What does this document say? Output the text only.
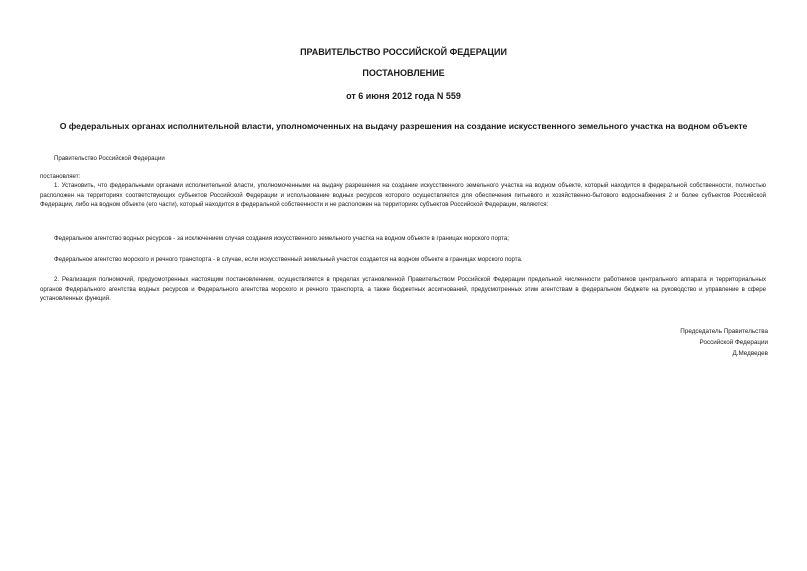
ПРАВИТЕЛЬСТВО РОССИЙСКОЙ ФЕДЕРАЦИИ
ПОСТАНОВЛЕНИЕ
от 6 июня 2012 года N 559
О федеральных органах исполнительной власти, уполномоченных на выдачу разрешения на создание искусственного земельного участка на водном объекте
Правительство Российской Федерации
постановляет:
1. Установить, что федеральными органами исполнительной власти, уполномоченными на выдачу разрешения на создание искусственного земельного участка на водном объекте, который находится в федеральной собственности, полностью расположен на территориях соответствующих субъектов Российской Федерации и использование водных ресурсов которого осуществляется для обеспечения питьевого и хозяйственно-бытового водоснабжения 2 и более субъектов Российской Федерации, либо на водном объекте (его части), который находится в федеральной собственности и не расположен на территориях субъектов Российской Федерации, являются:
Федеральное агентство водных ресурсов - за исключением случая создания искусственного земельного участка на водном объекте в границах морского порта;
Федеральное агентство морского и речного транспорта - в случае, если искусственный земельный участок создается на водном объекте в границах морского порта.
2. Реализация полномочий, предусмотренных настоящим постановлением, осуществляется в пределах установленной Правительством Российской Федерации предельной численности работников центрального аппарата и территориальных органов Федерального агентства водных ресурсов и Федерального агентства морского и речного транспорта, а также бюджетных ассигнований, предусмотренных этим агентствам в федеральном бюджете на руководство и управление в сфере установленных функций.
Председатель Правительства
Российской Федерации
Д.Медведев
